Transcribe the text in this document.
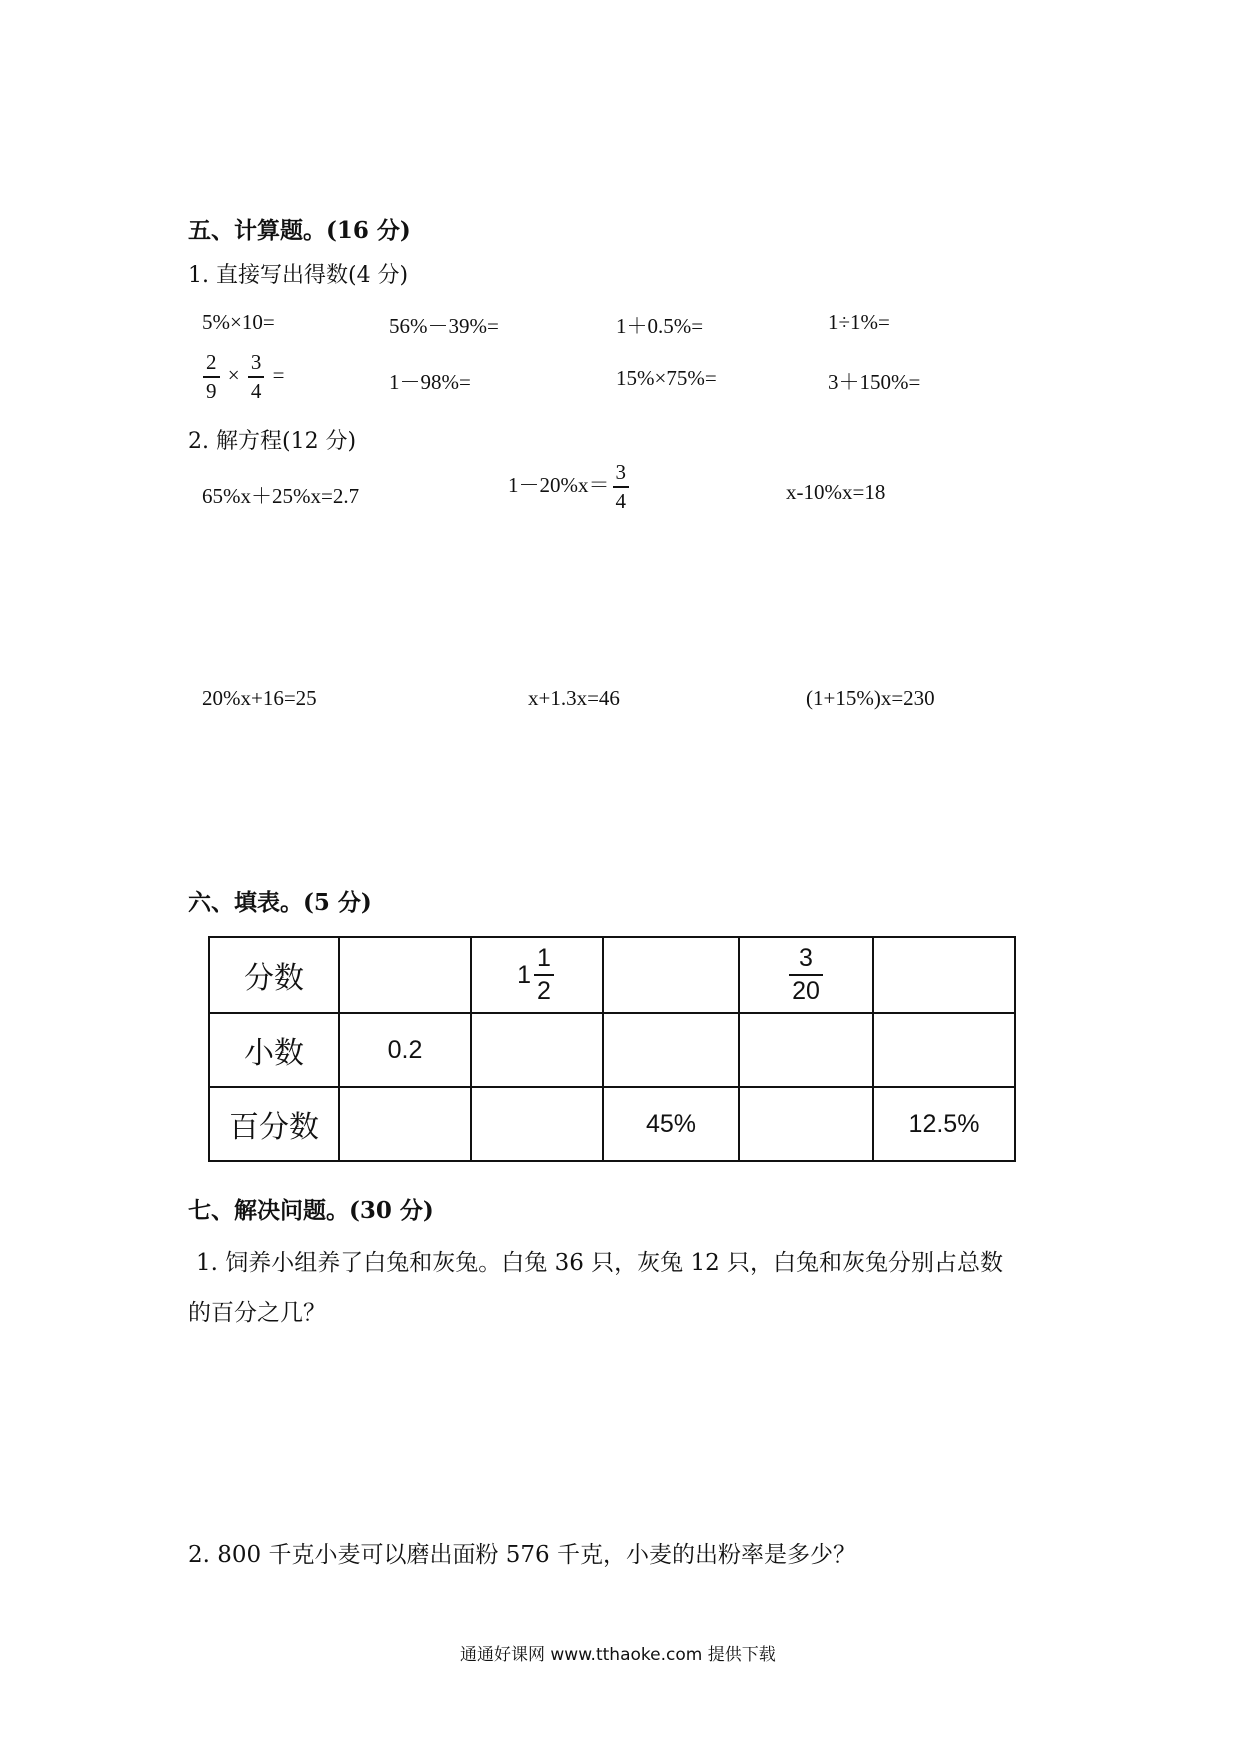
五、计算题。(16 分)
1. 直接写出得数(4 分)
5%×10=	56%－39%=	1＋0.5%=	1÷1%=
$\frac{2}{9} \times \frac{3}{4}$ =	1－98%=	15%×75%=	3＋150%=
2. 解方程(12 分)
65%x＋25%x=2.7	$1-20\%x= \frac{3}{4}$	x-10%x=18
20%x+16=25	x+1.3x=46	(1+15%)x=230
六、填表。(5 分)
分数		$1 \frac{1}{2}$		$\frac{3}{20}$

小数	0.2				
百分数			45%		12.5%
七、解决问题。(30 分)
1. 饲养小组养了白兔和灰兔。白兔 36 只，灰兔 12 只，白兔和灰兔分别占总数
的百分之几？
2. 800 千克小麦可以磨出面粉 576 千克，小麦的出粉率是多少？
通通好课网 www.tthaoke.com 提供下载
